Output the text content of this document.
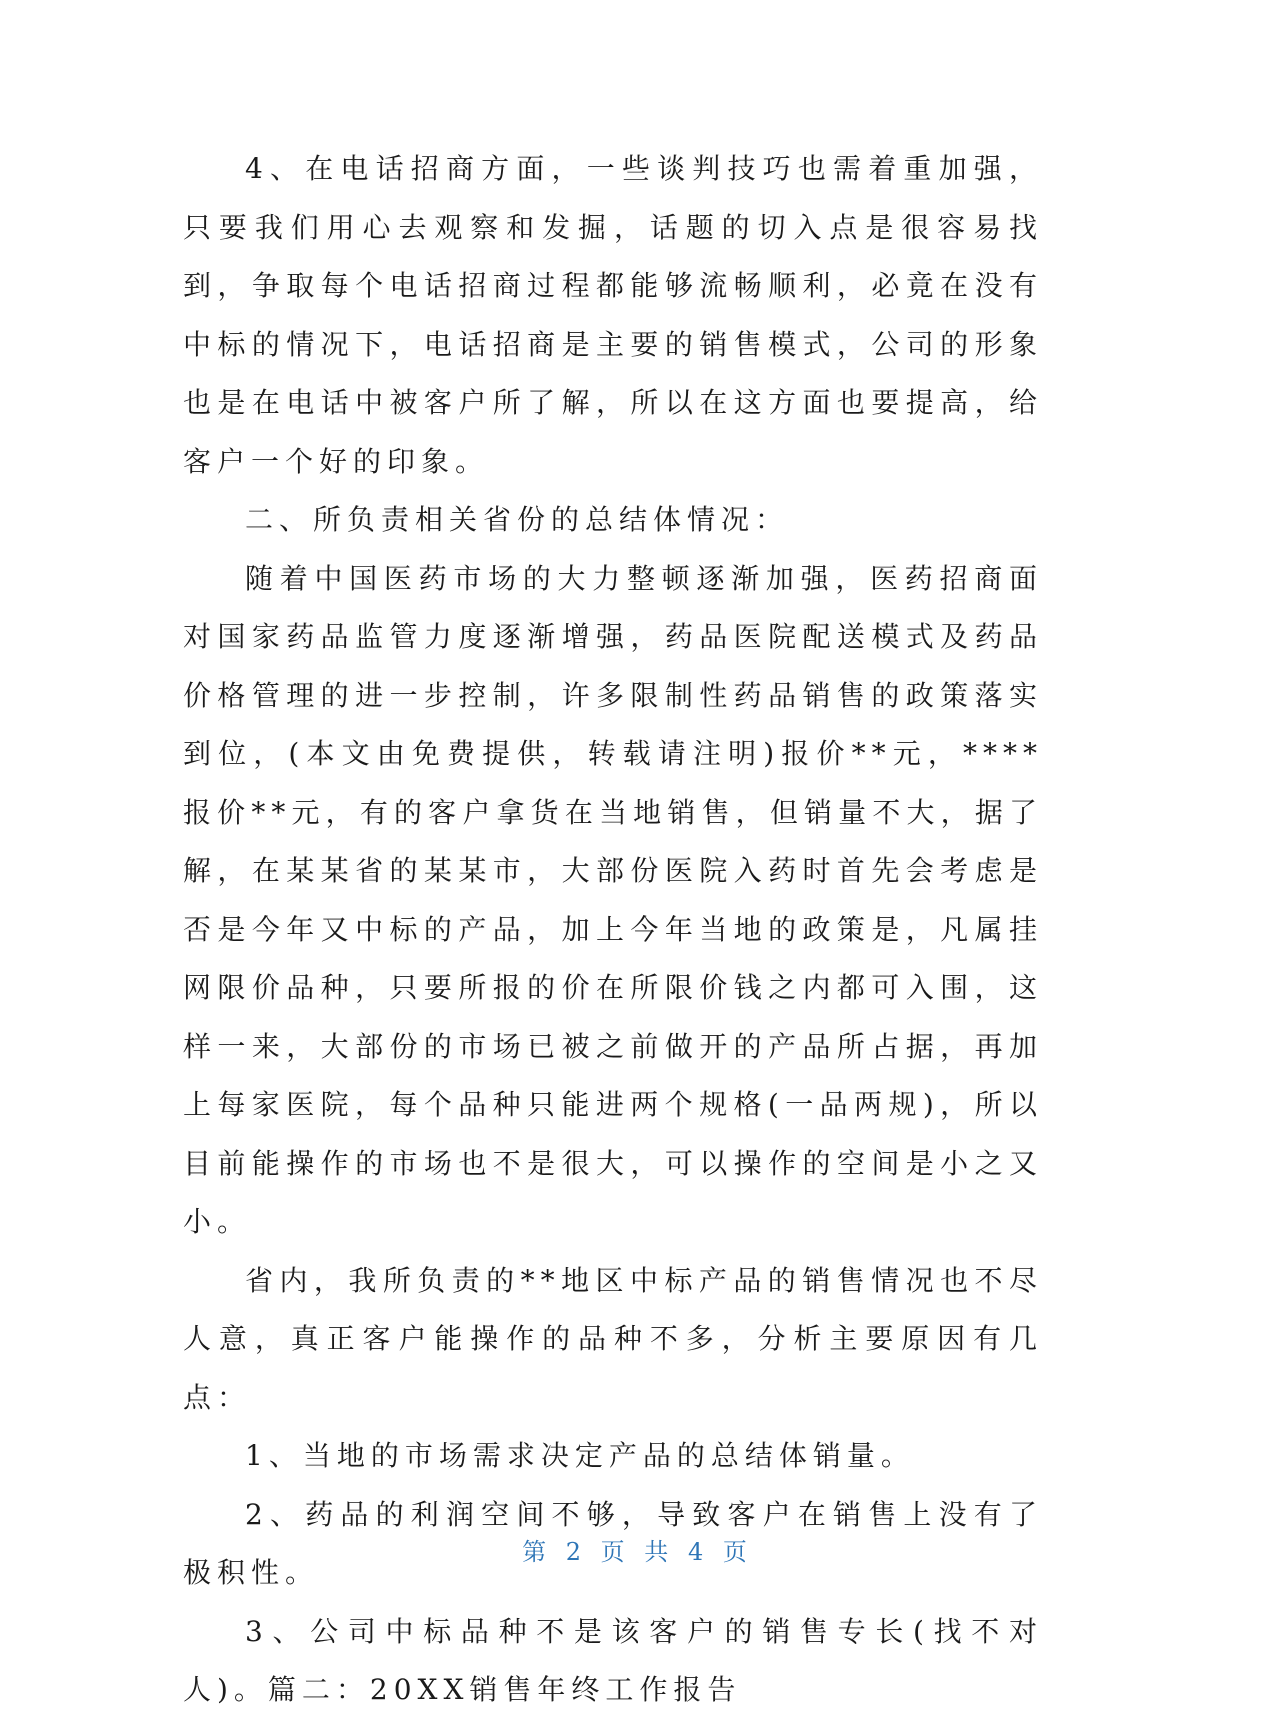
4、在电话招商方面，一些谈判技巧也需着重加强，只要我们用心去观察和发掘，话题的切入点是很容易找到，争取每个电话招商过程都能够流畅顺利，必竟在没有中标的情况下，电话招商是主要的销售模式，公司的形象也是在电话中被客户所了解，所以在这方面也要提高，给客户一个好的印象。

二、所负责相关省份的总结体情况：

随着中国医药市场的大力整顿逐渐加强，医药招商面对国家药品监管力度逐渐增强，药品医院配送模式及药品价格管理的进一步控制，许多限制性药品销售的政策落实到位，(本文由免费提供，转载请注明)报价**元，****报价**元，有的客户拿货在当地销售，但销量不大，据了解，在某某省的某某市，大部份医院入药时首先会考虑是否是今年又中标的产品，加上今年当地的政策是，凡属挂网限价品种，只要所报的价在所限价钱之内都可入围，这样一来，大部份的市场已被之前做开的产品所占据，再加上每家医院，每个品种只能进两个规格(一品两规)，所以目前能操作的市场也不是很大，可以操作的空间是小之又小。

省内，我所负责的**地区中标产品的销售情况也不尽人意，真正客户能操作的品种不多，分析主要原因有几点：

1、当地的市场需求决定产品的总结体销量。

2、药品的利润空间不够，导致客户在销售上没有了极积性。

3、公司中标品种不是该客户的销售专长(找不对人)。篇二：20XX销售年终工作报告

第 2 页 共 4 页
